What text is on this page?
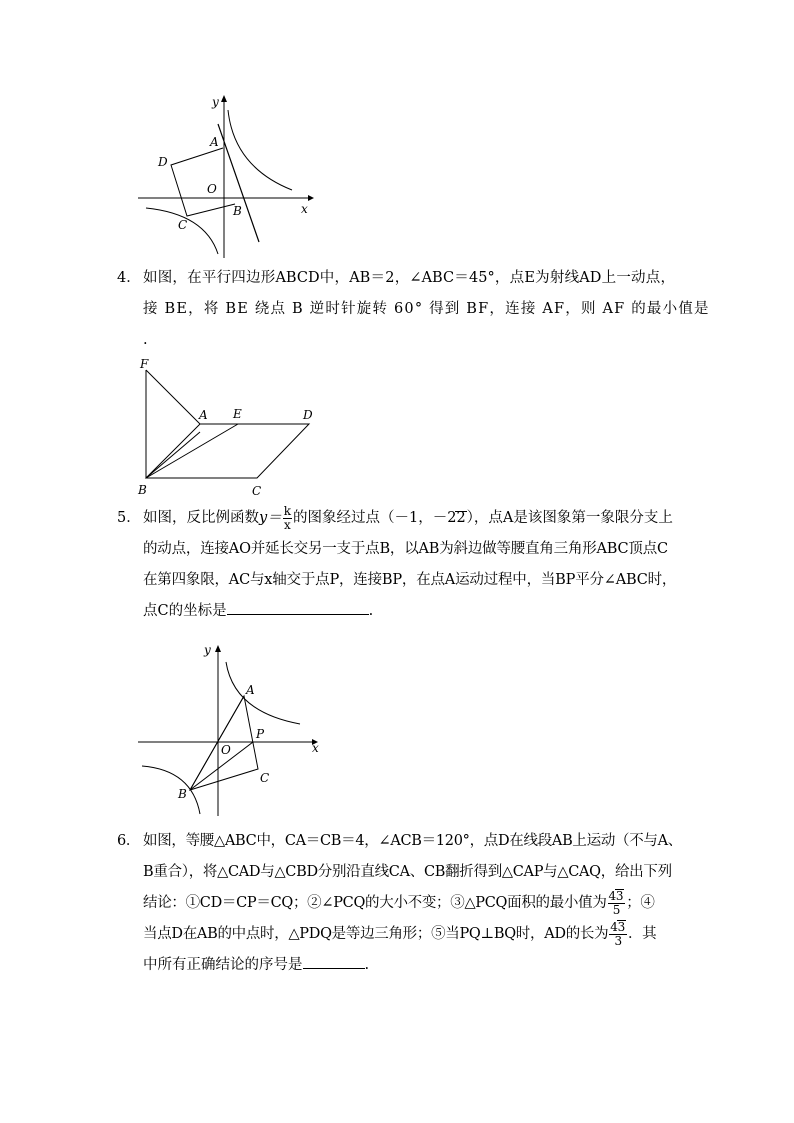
A
D
O
B
C
x
y
4． 如图，在平行四边形ABCD中，AB＝2，∠ABC＝45°，点E为射线AD上一动点，
接 BE，将 BE 绕点 B 逆时针旋转 60° 得到 BF，连接 AF，则 AF 的最小值是
.
F
A E	D
B	C
5． 如图，反比例函数$y= \frac{k}{x}$ 的图象经过点（－1，－22），点A是该图象第一象限分支上
的动点，连接AO并延长交另一支于点B，以AB为斜边做等腰直角三角形ABC顶点C
在第四象限，AC与x轴交于点P，连接BP，在点A运动过程中，当BP平分∠ABC时，
点C的坐标是	.
A
P
O
B
C
x
y
6． 如图，等腰△ABC中，CA＝CB＝4，∠ACB＝120°，点D在线段AB上运动（不与A、
B重合），将△CAD与△CBD分别沿直线CA、CB翻折得到△CAP与△CAQ，给出下列
结论：①CD＝CP＝CQ；②∠PCQ的大小不变；③△PCQ面积的最小值为 $\frac{43}{5}$ ；④
当点D在AB的中点时，△PDQ是等边三角形；⑤当PQ⊥BQ时，AD的长为 $\frac{43}{3}$ ．其
中所有正确结论的序号是	.
